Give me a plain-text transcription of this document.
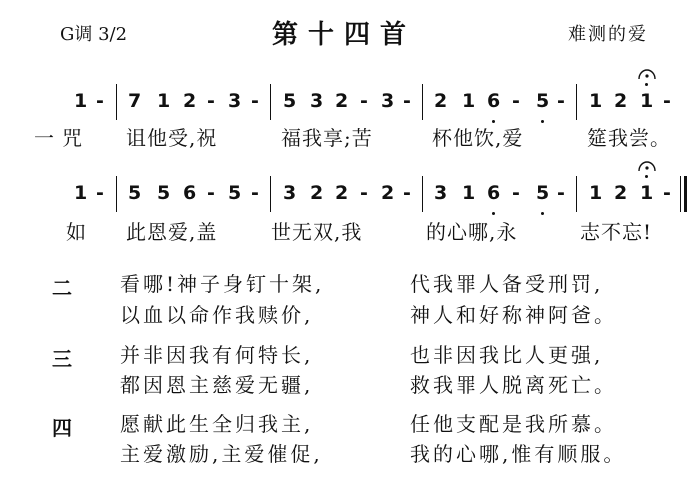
G调 3/2	第十四首	难测的爱
1 - 7 1 2 - 3 - 5 3 2 - 3 - 2 1 6 - 5 - 1 2 1 -
一 咒 诅他受,祝	福我享;苦	杯他饮,爱	筵我尝。
1 - 5 5 6 - 5 - 3 2 2 - 2 - 3 1 6 - 5 - 1 2 1 -
如 此恩爱,盖	世无双,我	的心哪,永	志不忘!
二 看哪!神子身钉十架,	代我罪人备受刑罚,
以血以命作我赎价,	神人和好称神阿爸。
三 并非因我有何特长,	也非因我比人更强,
都因恩主慈爱无疆,	救我罪人脱离死亡。
四 愿献此生全归我主,	任他支配是我所慕。
主爱激励,主爱催促,	我的心哪,惟有顺服。
